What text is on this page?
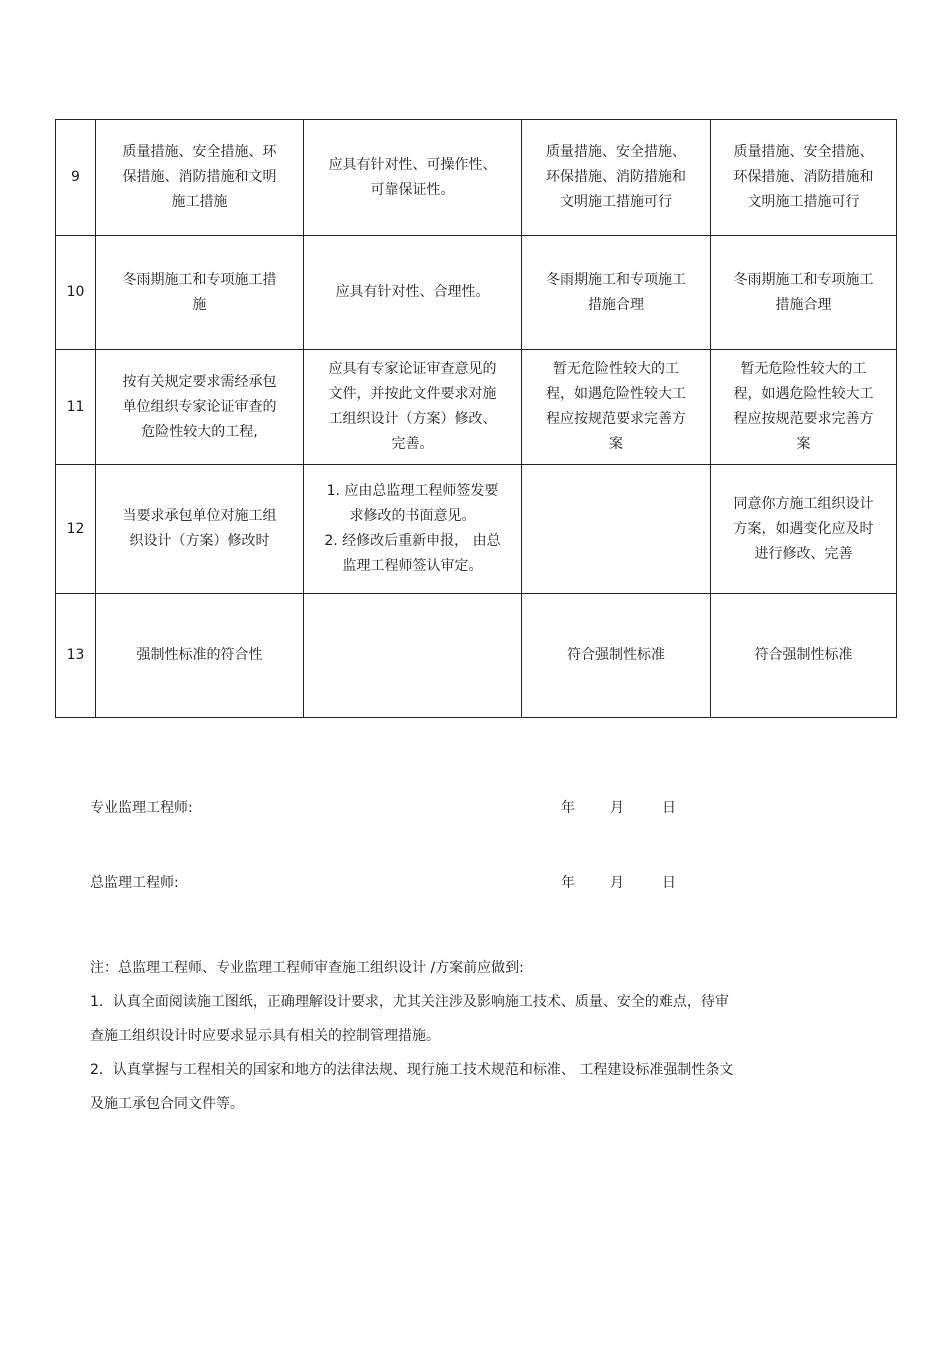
9	质量措施、安全措施、环
保措施、消防措施和文明
施工措施	应具有针对性、可操作性、
可靠保证性。	质量措施、安全措施、
环保措施、消防措施和
文明施工措施可行	质量措施、安全措施、
环保措施、消防措施和
文明施工措施可行
10	冬雨期施工和专项施工措
施	应具有针对性、合理性。	冬雨期施工和专项施工
措施合理	冬雨期施工和专项施工
措施合理
11	按有关规定要求需经承包
单位组织专家论证审查的
危险性较大的工程,	应具有专家论证审查意见的
文件，并按此文件要求对施
工组织设计（方案）修改、
完善。	暂无危险性较大的工
程，如遇危险性较大工
程应按规范要求完善方
案	暂无危险性较大的工
程，如遇危险性较大工
程应按规范要求完善方
案
12	当要求承包单位对施工组
织设计（方案）修改时	1. 应由总监理工程师签发要
求修改的书面意见。
2. 经修改后重新申报， 由总
监理工程师签认审定。		同意你方施工组织设计
方案，如遇变化应及时
进行修改、完善
13	强制性标准的符合性		符合强制性标准	符合强制性标准
专业监理工程师:	年	月	日
总监理工程师:	年	月	日

注：总监理工程师、专业监理工程师审查施工组织设计 /方案前应做到:

1．认真全面阅读施工图纸，正确理解设计要求，尤其关注涉及影响施工技术、质量、安全的难点，待审

查施工组织设计时应要求显示具有相关的控制管理措施。

2．认真掌握与工程相关的国家和地方的法律法规、现行施工技术规范和标准、 工程建设标准强制性条文

及施工承包合同文件等。
